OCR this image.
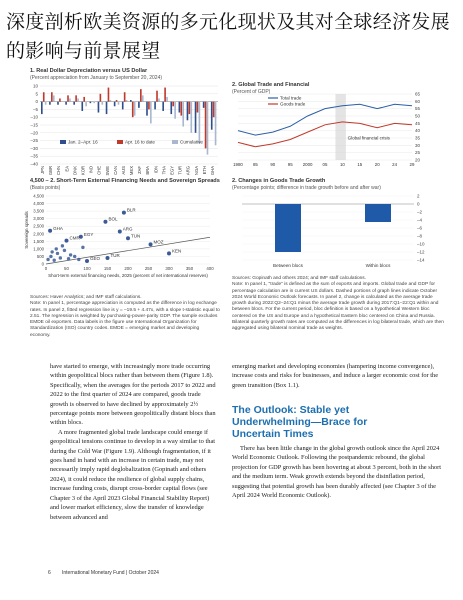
深度剖析欧美资源的多元化现状及其对全球经济发展的影响与前景展望
1. Real Dollar Depreciation versus US Dollar
(Percent appreciation from January to September 20, 2024)
10
5
0
–5
–10
–15
–20
–25
–30
–35
–40
JPN GBR CHN EA DNK KOR IND CHE SWE CAN AUS MEX ZAF BRA IDN THA EGY TUR ARG NGA ETH GHA
Jan. 2–Apr. 16	Apr. 16 to date	Cumulative
2. Global Trade and Financial
(Percent of GDP)	65
60
55
50
45
40
35
30
25
20
Global financial crisis
1980 85	90	95 2000 05	10	15	20	24	29
Total trade
Goods trade
4,500 – 2. Short-Term External Financing Needs and Sovereign Spreads
(Basis points)
4,500
4,000
3,500
3,000
2,500
2,000
1,500
1,000
500
0
0	50	100	150	200	250	300	350	400
BLR
BOL
ARG
GHA
EGY	TUN
CMR
MOZ
KEN
TUR
GEO
Sovereign spreads
Short-term external financing needs, 2025 (percent of net international reserves)
2. Changes in Goods Trade Growth
(Percentage points; difference in trade growth before and after war)
2
0
–2
–4
–6
–8
–10
–12
–14
Between blocs	Within blocs
Sources: Haver Analytics; and IMF staff calculations.
Note: In panel 1, percentage appreciation is computed as the difference in log exchange rates. In panel 2, fitted regression line is y = –19.5 + 4.47x, with a slope t-statistic equal to 2.51. The regression is weighted by purchasing-power-parity GDP. The sample excludes EMDE oil exporters. Data labels in the figure use International Organization for Standardization (ISO) country codes. EMDE = emerging market and developing economy.
Sources: Gopinath and others 2024; and IMF staff calculations.
Note: In panel 1, "trade" is defined as the sum of exports and imports. Global trade and GDP for percentage calculation are in current US dollars. Dashed portions of graph lines indicate October 2024 World Economic Outlook forecasts. In panel 2, change is calculated as the average trade growth during 2022:Q2–24:Q1 minus the average trade growth during 2017:Q1–22:Q1 within and between blocs. For the current period, bloc definition is based on a hypothetical Western bloc centered on the US and Europe and a hypothetical Eastern bloc centered on China and Russia. Bilateral quarterly growth rates are computed as the differences in log bilateral trade, which are then aggregated using bilateral nominal trade as weights.
have started to emerge, with increasingly more trade occurring within geopolitical blocs rather than between them (Figure 1.8). Specifically, when the averages for the periods 2017 to 2022 and 2022 to the first quarter of 2024 are compared, goods trade growth is observed to have declined by approximately 2½ percentage points more between geopolitically distant blocs than within blocs.
A more fragmented global trade landscape could emerge if geopolitical tensions continue to develop in a way similar to that during the Cold War (Figure 1.9). Although fragmentation, if it goes hand in hand with an increase in certain trade, may not necessarily imply rapid deglobalization (Gopinath and others 2024), it could reduce the resilience of global supply chains, increase funding costs, disrupt cross-border capital flows (see Chapter 3 of the April 2023 Global Financial Stability Report) and lower market efficiency, slow the transfer of knowledge between advanced and
emerging market and developing economies (hampering income convergence), increase costs and risks for businesses, and induce a larger economic cost for the green transition (Box 1.1).
The Outlook: Stable yet Underwhelming—Brace for Uncertain Times
There has been little change in the global growth outlook since the April 2024 World Economic Outlook. Following the postpandemic rebound, the global projection for GDP growth has been hovering at about 3 percent, both in the short and the medium term. Weak growth extends beyond the disinflation period, suggesting that potential growth has been durably affected (see Chapter 3 of the April 2024 World Economic Outlook).
6 International Monetary Fund | October 2024
